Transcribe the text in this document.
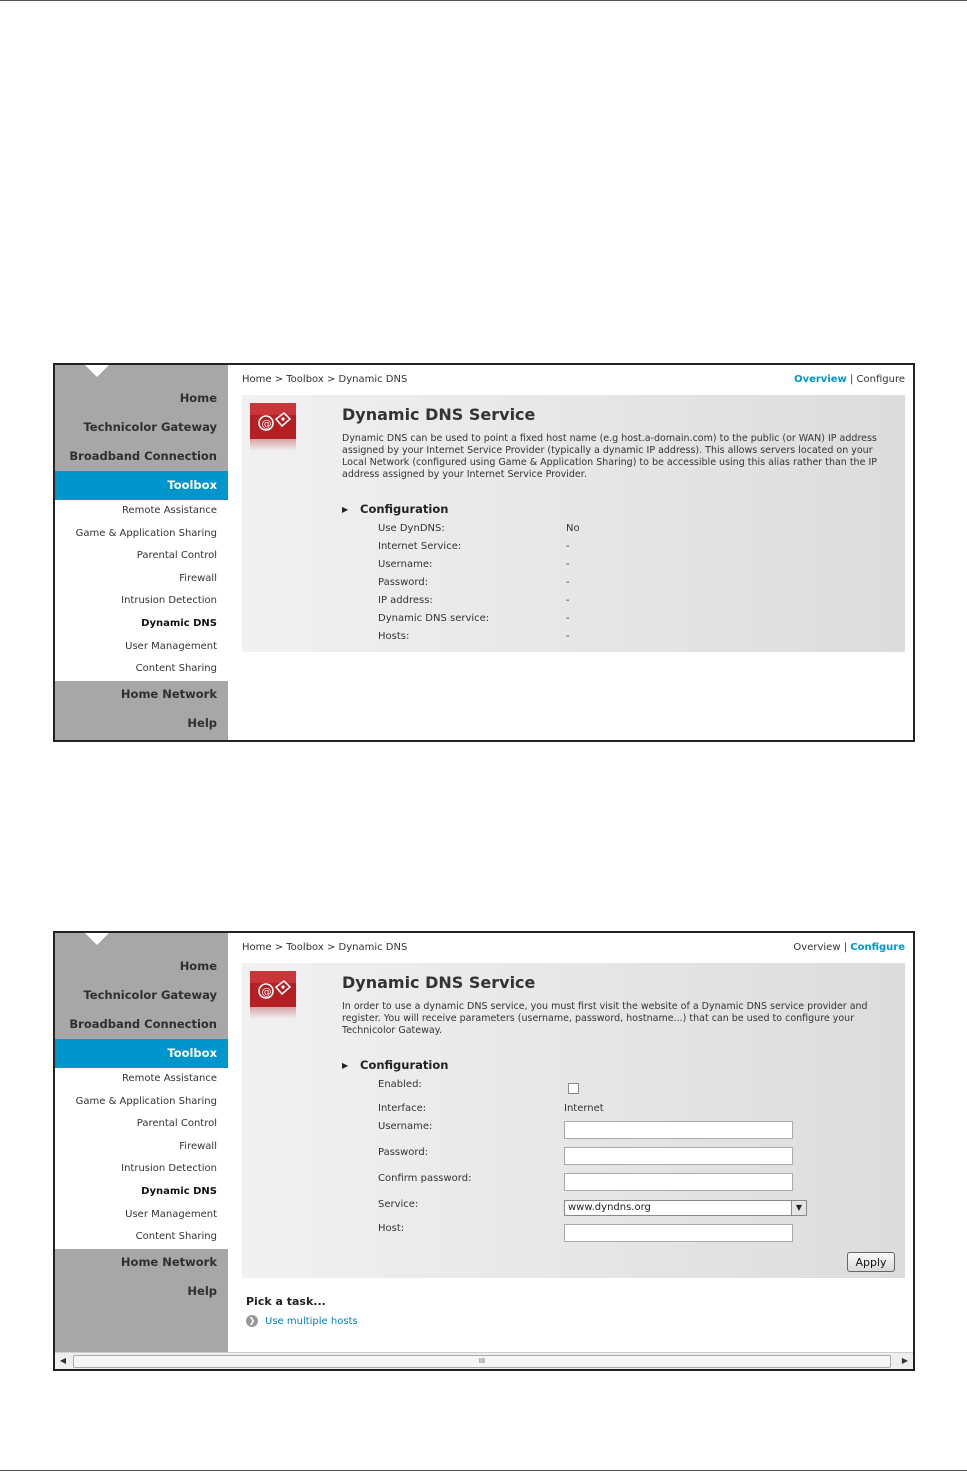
Home
Technicolor Gateway
Broadband Connection
Toolbox
Remote Assistance
Game & Application Sharing
Parental Control
Firewall
Intrusion Detection
Dynamic DNS
User Management
Content Sharing
Home Network
Help
Home > Toolbox > Dynamic DNS	Overview | Configure
@
Dynamic DNS Service
Dynamic DNS can be used to point a fixed host name (e.g host.a-domain.com) to the public (or WAN) IP address assigned by your Internet Service Provider (typically a dynamic IP address). This allows servers located on your Local Network (configured using Game & Application Sharing) to be accessible using this alias rather than the IP address assigned by your Internet Service Provider.
▶ Configuration
Use DynDNS:	No
Internet Service:	-
Username:	-
Password:	-
IP address:	-
Dynamic DNS service:	-
Hosts:	-
Home
Technicolor Gateway
Broadband Connection
Toolbox
Remote Assistance
Game & Application Sharing
Parental Control
Firewall
Intrusion Detection
Dynamic DNS
User Management
Content Sharing
Home Network
Help
Home > Toolbox > Dynamic DNS	Overview | Configure
@
Dynamic DNS Service
In order to use a dynamic DNS service, you must first visit the website of a Dynamic DNS service provider and register. You will receive parameters (username, password, hostname...) that can be used to configure your Technicolor Gateway.
▶ Configuration
Enabled:
Interface:	Internet
Username:
Password:
Confirm password:
Service:	www.dyndns.org	▼
Host:
Apply
Pick a task...
❯ Use multiple hosts
◀	III	▶
